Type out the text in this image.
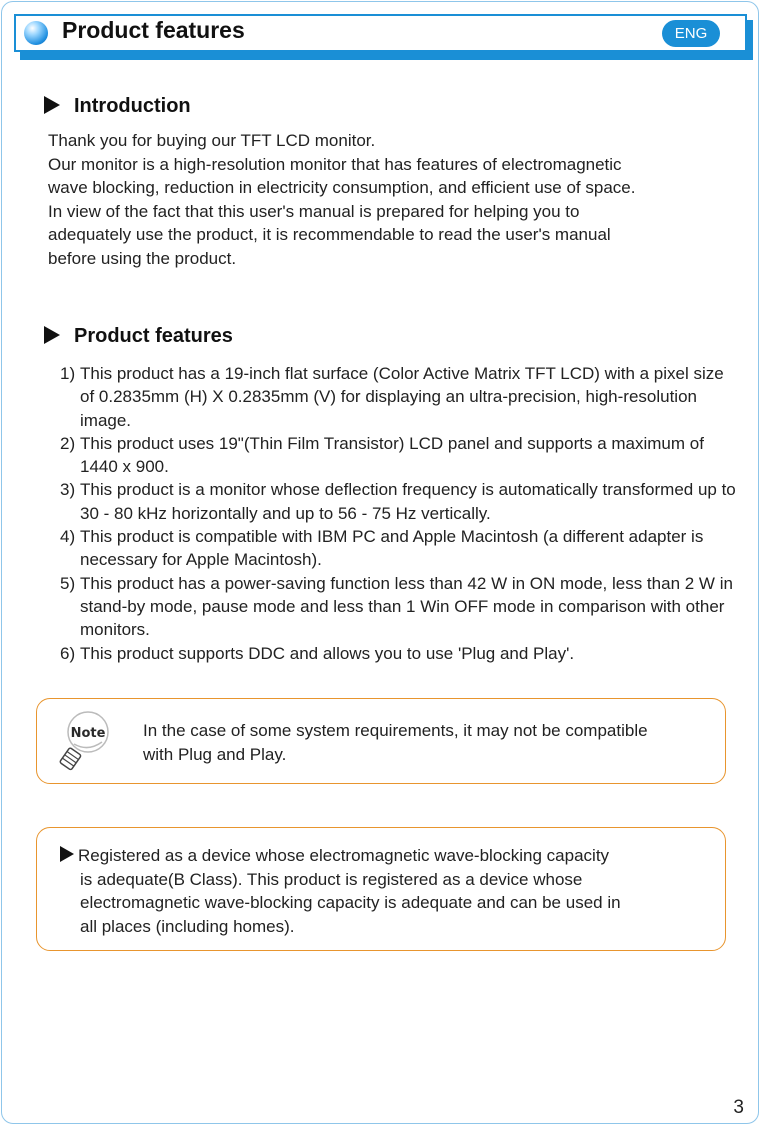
Product features	ENG
Introduction
Thank you for buying our TFT LCD monitor.
Our monitor is a high-resolution monitor that has features of electromagnetic
wave blocking, reduction in electricity consumption, and efficient use of space.
In view of the fact that this user's manual is prepared for helping you to
adequately use the product, it is recommendable to read the user's manual
before using the product.
Product features
1) This product has a 19-inch flat surface (Color Active Matrix TFT LCD) with a pixel size of 0.2835mm (H) X 0.2835mm (V) for displaying an ultra-precision, high-resolution image.
2) This product uses 19"(Thin Film Transistor) LCD panel and supports a maximum of 1440 x 900.
3) This product is a monitor whose deflection frequency is automatically transformed up to 30 - 80 kHz horizontally and up to 56 - 75 Hz vertically.
4) This product is compatible with IBM PC and Apple Macintosh (a different adapter is necessary for Apple Macintosh).
5) This product has a power-saving function less than 42 W in ON mode, less than 2 W in stand-by mode, pause mode and less than 1 Win OFF mode in comparison with other monitors.
6) This product supports DDC and allows you to use 'Plug and Play'.
Note In the case of some system requirements, it may not be compatible
with Plug and Play.
Registered as a device whose electromagnetic wave-blocking capacity
is adequate(B Class). This product is registered as a device whose
electromagnetic wave-blocking capacity is adequate and can be used in
all places (including homes).
3
